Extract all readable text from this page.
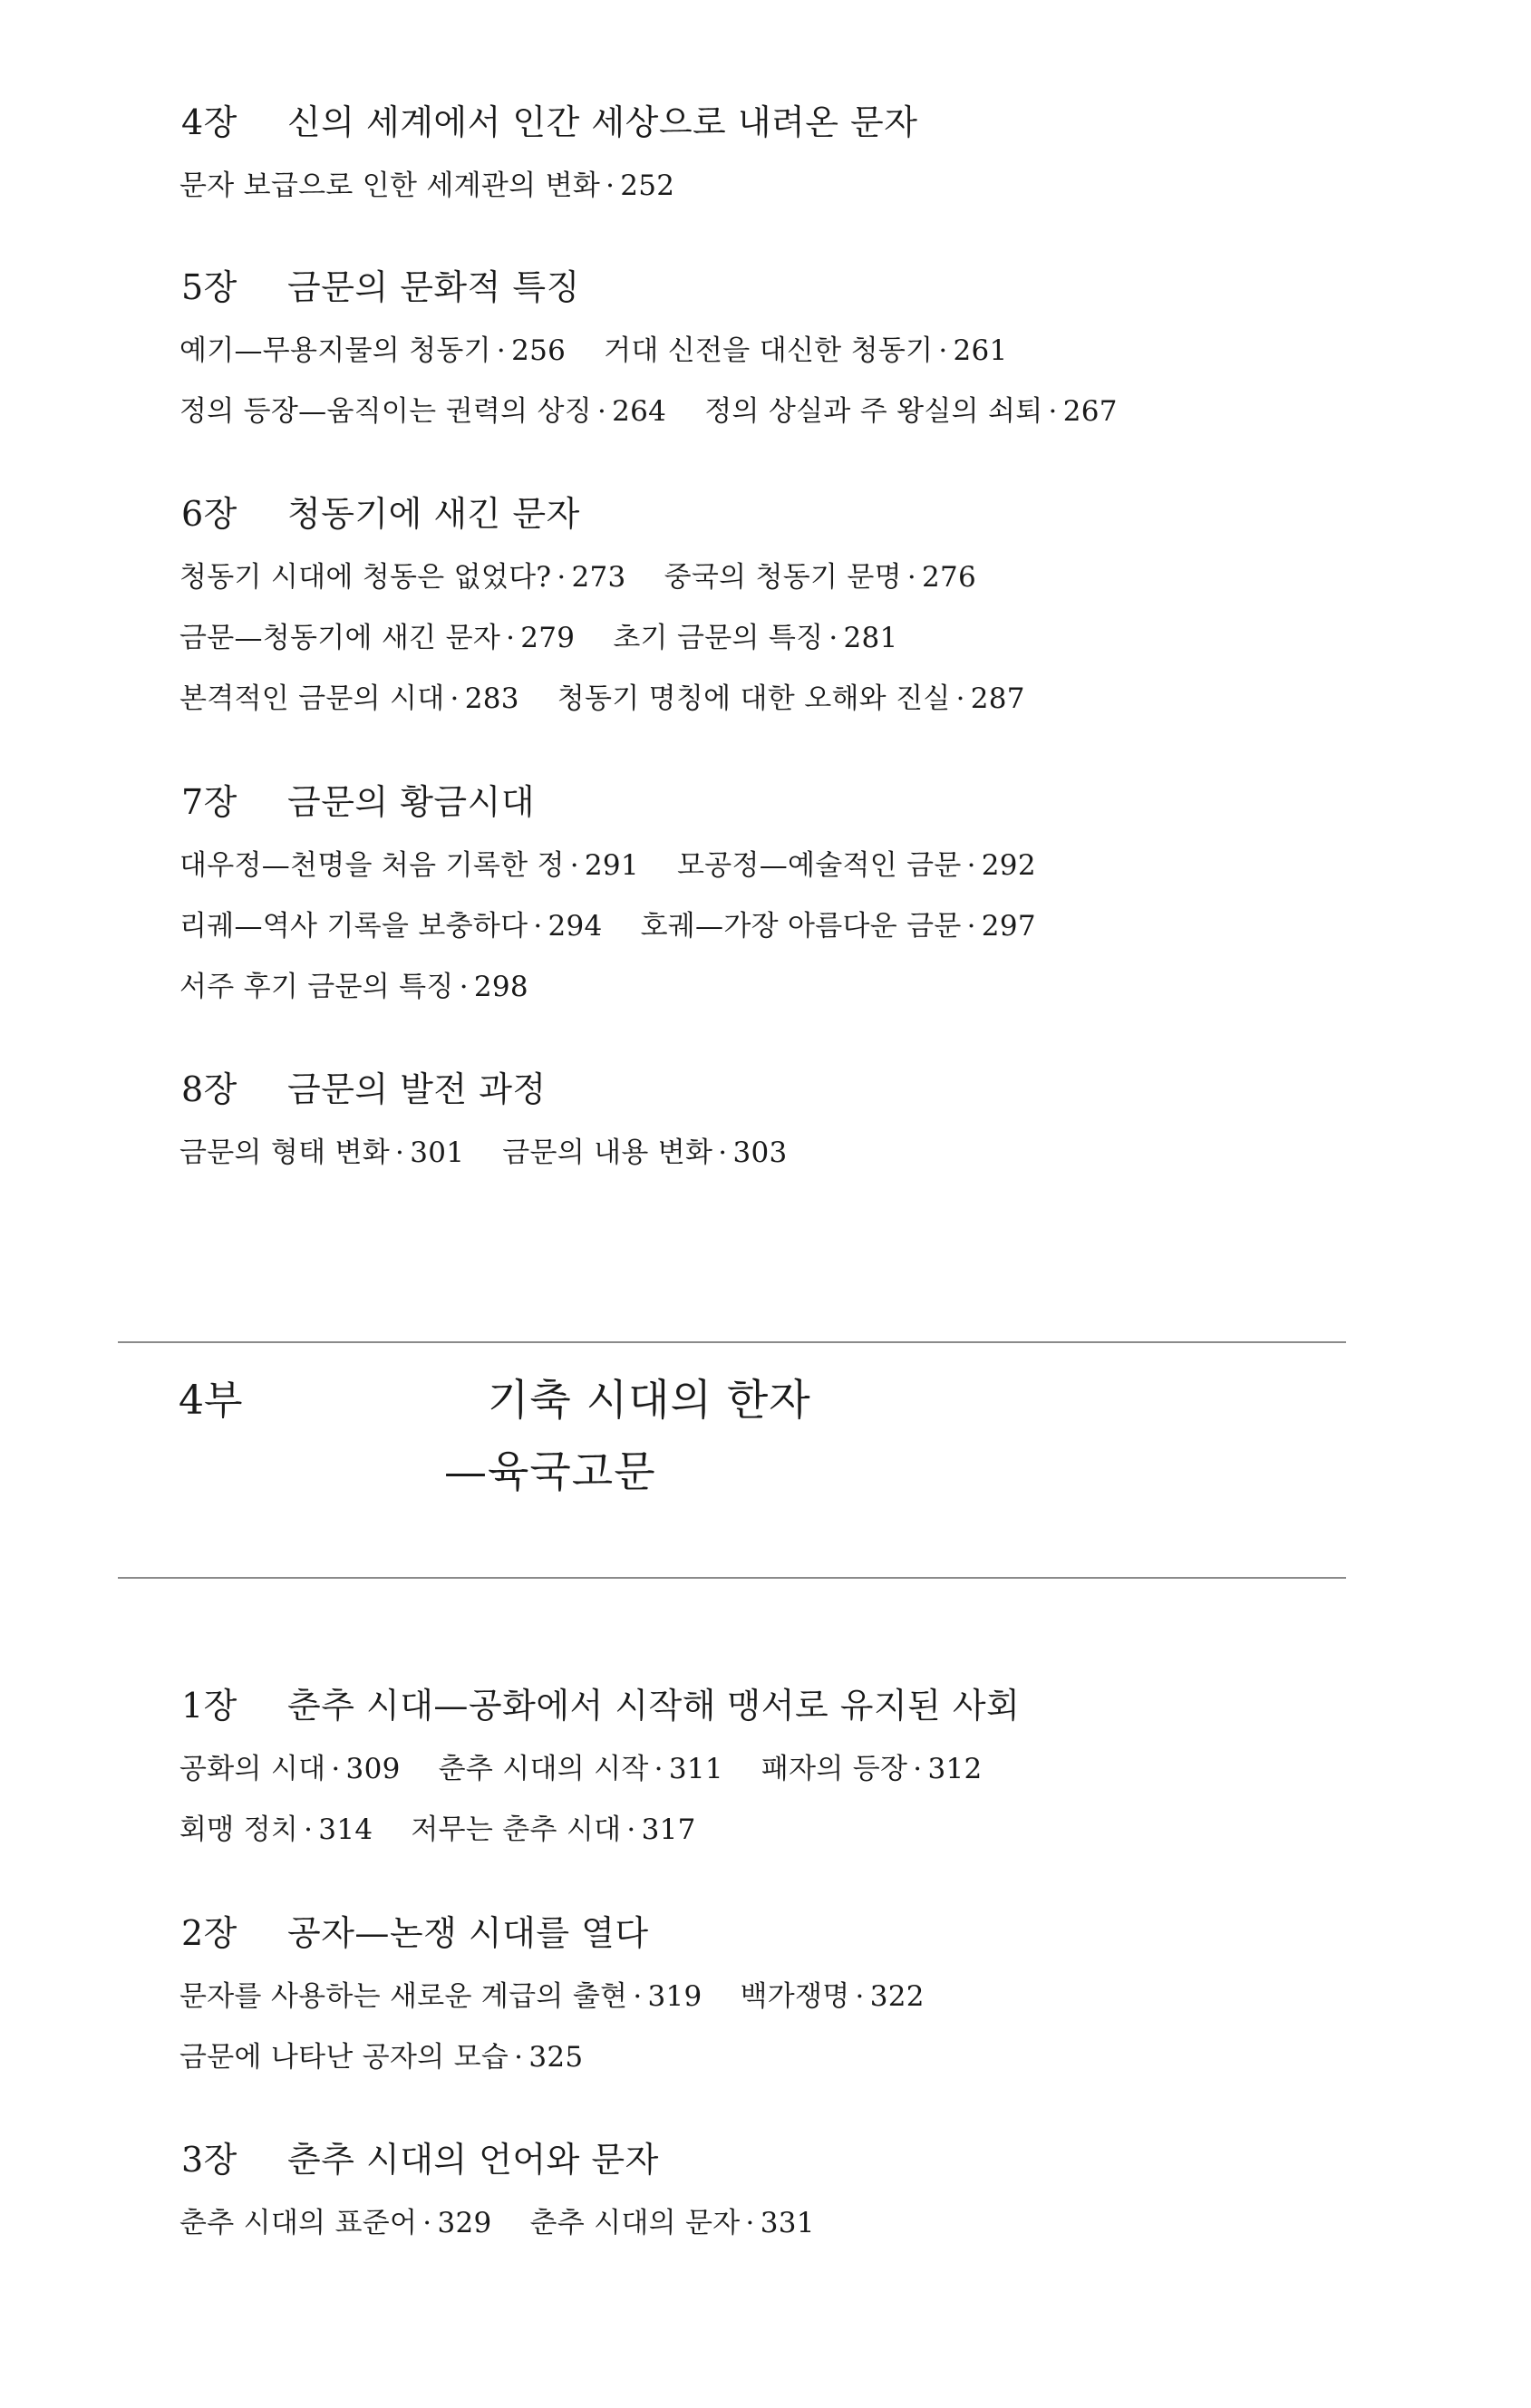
4장 신의 세계에서 인간 세상으로 내려온 문자
문자 보급으로 인한 세계관의 변화 · 252
5장 금문의 문화적 특징
예기—무용지물의 청동기 · 256 거대 신전을 대신한 청동기 · 261
정의 등장—움직이는 권력의 상징 · 264 정의 상실과 주 왕실의 쇠퇴 · 267
6장 청동기에 새긴 문자
청동기 시대에 청동은 없었다? · 273 중국의 청동기 문명 · 276
금문—청동기에 새긴 문자 · 279 초기 금문의 특징 · 281
본격적인 금문의 시대 · 283 청동기 명칭에 대한 오해와 진실 · 287
7장 금문의 황금시대
대우정—천명을 처음 기록한 정 · 291 모공정—예술적인 금문 · 292
리궤—역사 기록을 보충하다 · 294 호궤—가장 아름다운 금문 · 297
서주 후기 금문의 특징 · 298
8장 금문의 발전 과정
금문의 형태 변화 · 301 금문의 내용 변화 · 303
4부	기축 시대의 한자
—육국고문
1장 춘추 시대—공화에서 시작해 맹서로 유지된 사회
공화의 시대 · 309 춘추 시대의 시작 · 311 패자의 등장 · 312
회맹 정치 · 314 저무는 춘추 시대 · 317
2장 공자—논쟁 시대를 열다
문자를 사용하는 새로운 계급의 출현 · 319 백가쟁명 · 322
금문에 나타난 공자의 모습 · 325
3장 춘추 시대의 언어와 문자
춘추 시대의 표준어 · 329 춘추 시대의 문자 · 331
